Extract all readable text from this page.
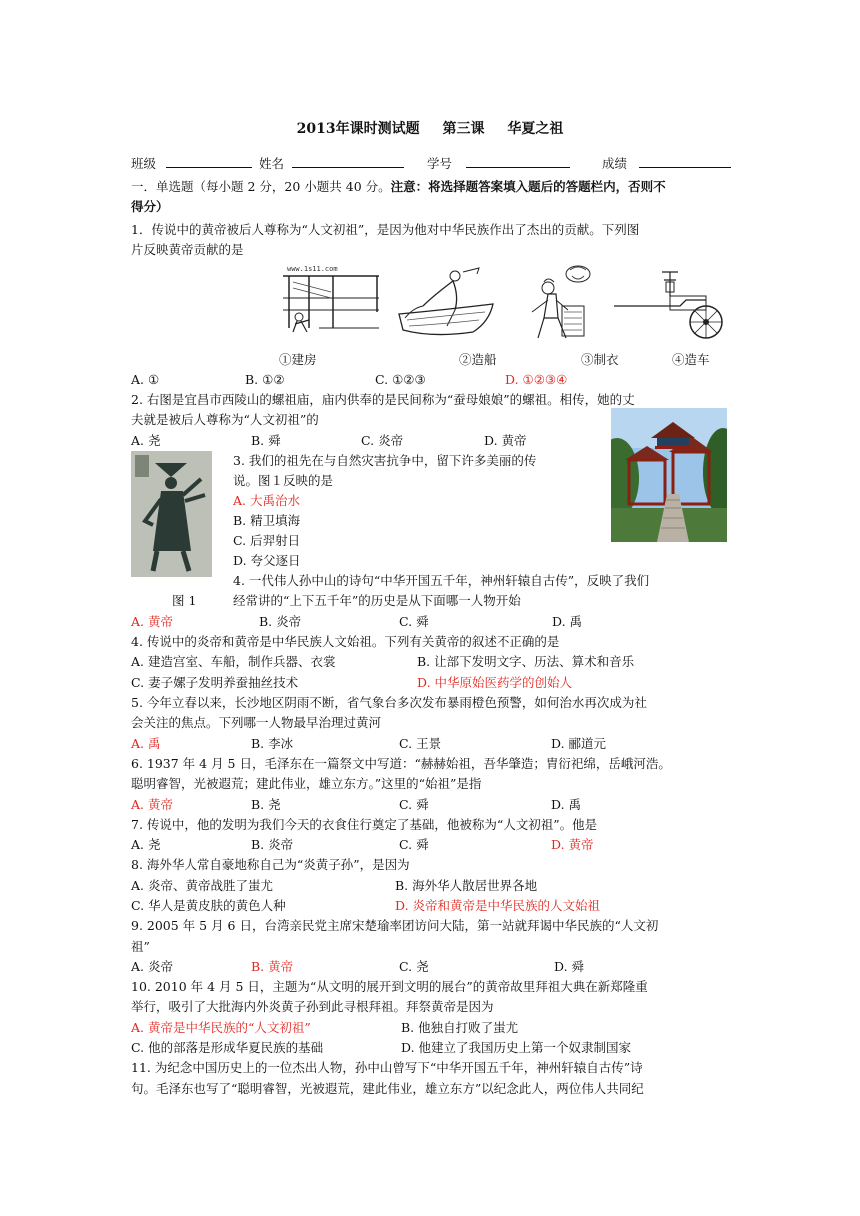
2013年课时测试题 第三课 华夏之祖
班级	姓名	学号	成绩
一．单选题（每小题 2 分，20 小题共 40 分。注意：将选择题答案填入题后的答题栏内，否则不
得分）
1．传说中的黄帝被后人尊称为“人文初祖”，是因为他对中华民族作出了杰出的贡献。下列图
片反映黄帝贡献的是
www.1s11.com
①建房	②造船	③制衣	④造车
A. ①	B. ①②	C. ①②③	D. ①②③④
2. 右图是宜昌市西陵山的螺祖庙，庙内供奉的是民间称为“蚕母娘娘”的螺祖。相传，她的丈
夫就是被后人尊称为“人文初祖”的
A. 尧	B. 舜	C. 炎帝	D. 黄帝
图 1
3. 我们的祖先在与自然灾害抗争中，留下许多美丽的传
说。图１反映的是
A. 大禹治水
B. 精卫填海
C. 后羿射日
D. 夸父逐日
4. 一代伟人孙中山的诗句“中华开国五千年，神州轩辕自古传”，反映了我们
经常讲的“上下五千年”的历史是从下面哪一人物开始
A. 黄帝	B. 炎帝	C. 舜	D. 禹
4. 传说中的炎帝和黄帝是中华民族人文始祖。下列有关黄帝的叙述不正确的是
A. 建造宫室、车船，制作兵器、衣裳	B. 让部下发明文字、历法、算术和音乐
C. 妻子嫘子发明养蚕抽丝技术	D. 中华原始医药学的创始人
5. 今年立春以来，长沙地区阴雨不断，省气象台多次发布暴雨橙色预警，如何治水再次成为社
会关注的焦点。下列哪一人物最早治理过黄河
A. 禹	B. 李冰	C. 王景	D. 郦道元
6. 1937 年 4 月 5 日，毛泽东在一篇祭文中写道：“赫赫始祖，吾华肇造；胄衍祀绵，岳峨河浩。
聪明睿智，光被遐荒；建此伟业，雄立东方。”这里的“始祖”是指
A. 黄帝	B. 尧	C. 舜	D. 禹
7. 传说中，他的发明为我们今天的衣食住行奠定了基础，他被称为“人文初祖”。他是
A. 尧	B. 炎帝	C. 舜	D. 黄帝
8. 海外华人常自豪地称自己为“炎黄子孙”，是因为
A. 炎帝、黄帝战胜了蚩尤	B. 海外华人散居世界各地
C. 华人是黄皮肤的黄色人种	D. 炎帝和黄帝是中华民族的人文始祖
9. 2005 年 5 月 6 日，台湾亲民党主席宋楚瑜率团访问大陆，第一站就拜谒中华民族的“人文初
祖”
A. 炎帝	B. 黄帝	C. 尧	D. 舜
10. 2010 年 4 月 5 日，主题为“从文明的展开到文明的展台”的黄帝故里拜祖大典在新郑隆重
举行，吸引了大批海内外炎黄子孙到此寻根拜祖。拜祭黄帝是因为
A. 黄帝是中华民族的“人文初祖”	B. 他独自打败了蚩尤
C. 他的部落是形成华夏民族的基础	D. 他建立了我国历史上第一个奴隶制国家
11. 为纪念中国历史上的一位杰出人物，孙中山曾写下“中华开国五千年，神州轩辕自古传”诗
句。毛泽东也写了“聪明睿智，光被遐荒，建此伟业，雄立东方”以纪念此人，两位伟人共同纪
